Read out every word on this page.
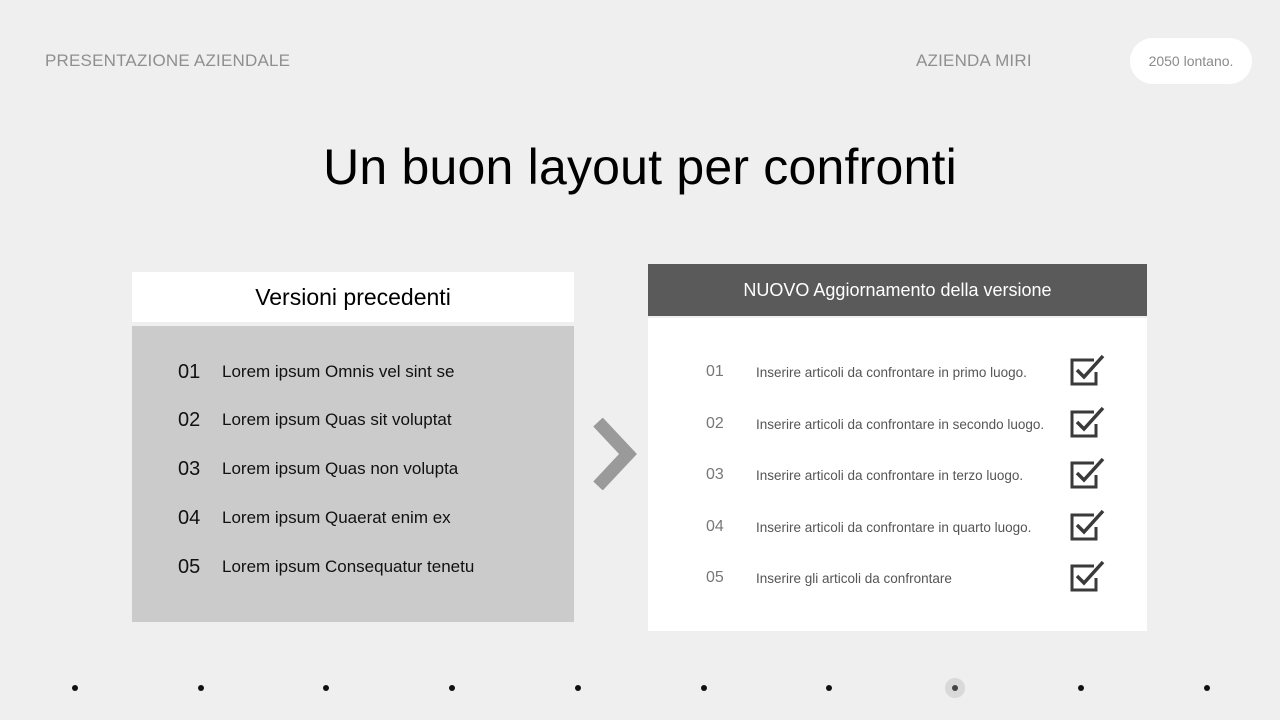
PRESENTAZIONE AZIENDALE	AZIENDA MIRI	2050 lontano.
Un buon layout per confronti
Versioni precedenti
01	Lorem ipsum Omnis vel sint se
02	Lorem ipsum Quas sit voluptat
03	Lorem ipsum Quas non volupta
04	Lorem ipsum Quaerat enim ex
05	Lorem ipsum Consequatur tenetu
NUOVO Aggiornamento della versione
01	Inserire articoli da confrontare in primo luogo.
02	Inserire articoli da confrontare in secondo luogo.
03	Inserire articoli da confrontare in terzo luogo.
04	Inserire articoli da confrontare in quarto luogo.
05	Inserire gli articoli da confrontare
